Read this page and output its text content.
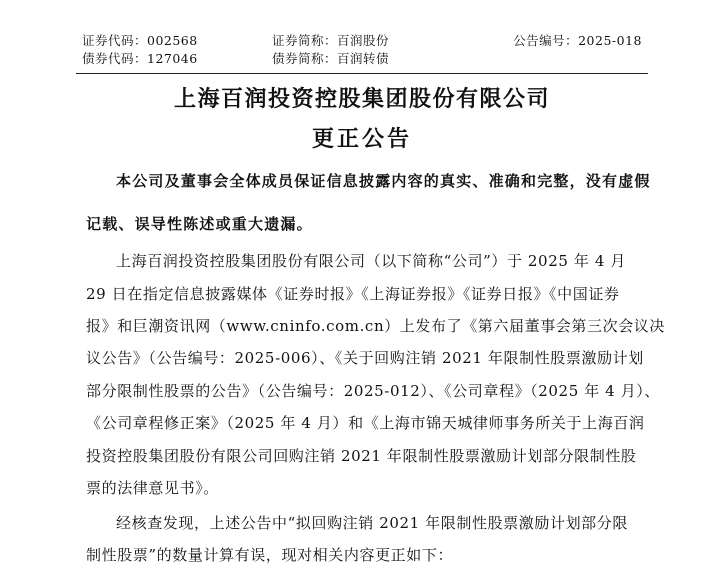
证券代码：002568	证券简称：百润股份	公告编号：2025-018
债券代码：127046	债券简称：百润转债
上海百润投资控股集团股份有限公司
更正公告
本公司及董事会全体成员保证信息披露内容的真实、准确和完整，没有虚假
记载、误导性陈述或重大遗漏。
上海百润投资控股集团股份有限公司（以下简称“公司”）于 2025 年 4 月
29 日在指定信息披露媒体《证券时报》《上海证券报》《证券日报》《中国证券
报》和巨潮资讯网（www.cninfo.com.cn）上发布了《第六届董事会第三次会议决
议公告》（公告编号：2025-006）、《关于回购注销 2021 年限制性股票激励计划
部分限制性股票的公告》（公告编号：2025-012）、《公司章程》（2025 年 4 月）、
《公司章程修正案》（2025 年 4 月）和《上海市锦天城律师事务所关于上海百润
投资控股集团股份有限公司回购注销 2021 年限制性股票激励计划部分限制性股
票的法律意见书》。
经核查发现，上述公告中“拟回购注销 2021 年限制性股票激励计划部分限
制性股票”的数量计算有误，现对相关内容更正如下：
